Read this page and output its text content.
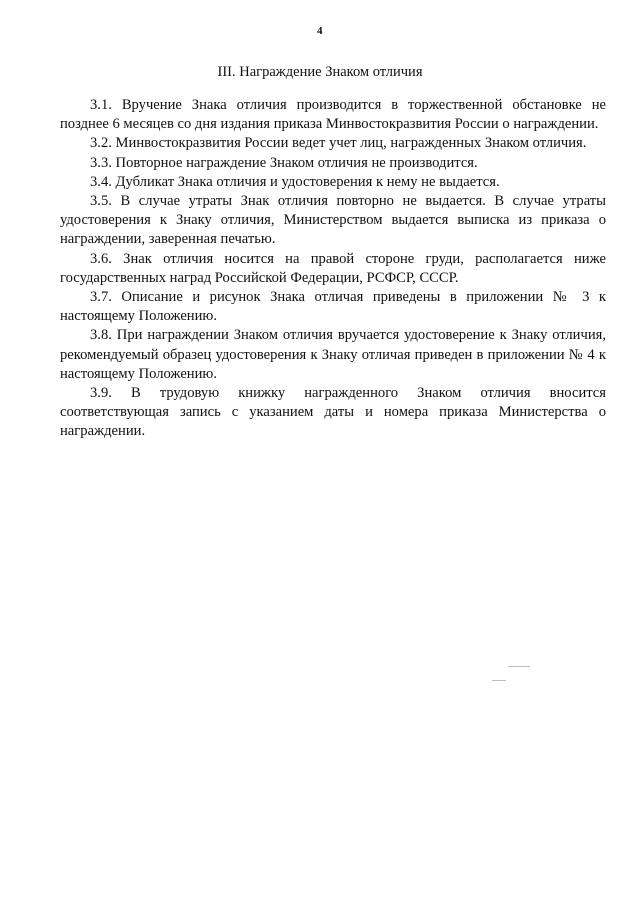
4
III. Награждение Знаком отличия

3.1. Вручение Знака отличия производится в торжественной обстановке не позднее 6 месяцев со дня издания приказа Минвостокразвития России о награждении.

3.2. Минвостокразвития России ведет учет лиц, награжденных Знаком отличия.

3.3. Повторное награждение Знаком отличия не производится.

3.4. Дубликат Знака отличия и удостоверения к нему не выдается.

3.5. В случае утраты Знак отличия повторно не выдается. В случае утраты удостоверения к Знаку отличия, Министерством выдается выписка из приказа о награждении, заверенная печатью.

3.6. Знак отличия носится на правой стороне груди, располагается ниже государственных наград Российской Федерации, РСФСР, СССР.

3.7. Описание и рисунок Знака отличая приведены в приложении № 3 к настоящему Положению.

3.8. При награждении Знаком отличия вручается удостоверение к Знаку отличия, рекомендуемый образец удостоверения к Знаку отличая приведен в приложении № 4 к настоящему Положению.

3.9. В трудовую книжку награжденного Знаком отличия вносится соответствующая запись с указанием даты и номера приказа Министерства о награждении.
